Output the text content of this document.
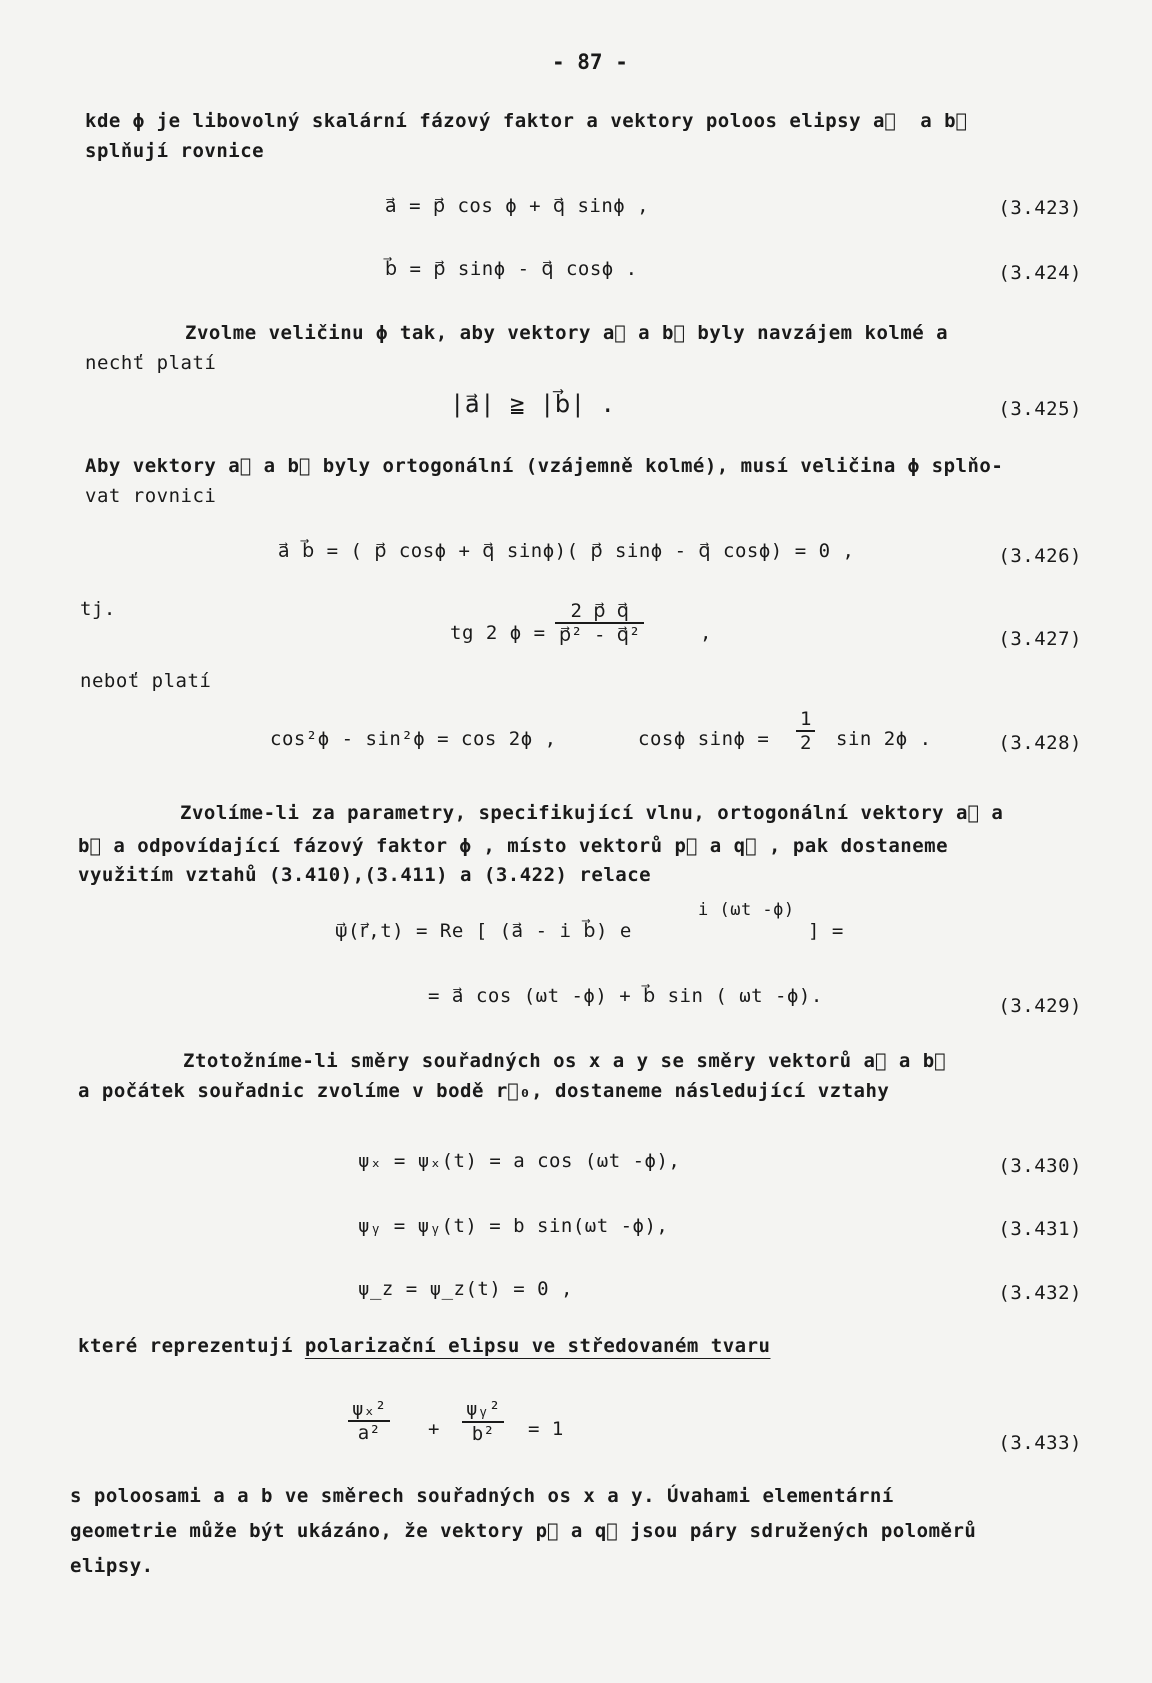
- 87 -
kde ϕ je libovolný skalární fázový faktor a vektory poloos elipsy a⃗  a b⃗
splňují rovnice
a⃗ = p⃗ cos ϕ + q⃗ sinϕ ,	(3.423)
b⃗ = p⃗ sinϕ - q⃗ cosϕ .	(3.424)
Zvolme veličinu ϕ tak, aby vektory a⃗ a b⃗ byly navzájem kolmé a
nechť platí
|a⃗| ≧ |b⃗| .	(3.425)
Aby vektory a⃗ a b⃗ byly ortogonální (vzájemně kolmé), musí veličina ϕ splňo-
vat rovnici
a⃗ b⃗ = ( p⃗ cosϕ + q⃗ sinϕ)( p⃗ sinϕ - q⃗ cosϕ) = 0 ,	(3.426)
tj.
tg 2 $\phi = \frac{2 p⃗ q⃗}{\text{p⃗² - q⃗²}}$	,	(3.427)
neboť platí
cos²ϕ - sin²ϕ = cos 2ϕ ,	cosϕ $\sin\phi = \frac{1}{2}$ sin 2ϕ .	(3.428)
Zvolíme-li za parametry, specifikující vlnu, ortogonální vektory a⃗ a
b⃗ a odpovídající fázový faktor ϕ , místo vektorů p⃗ a q⃗ , pak dostaneme
využitím vztahů (3.410),(3.411) a (3.422) relace
ψ⃗(r⃗,t) = Re [ (a⃗ - i b⃗) e
i (ωt -ϕ)
] =
= a⃗ cos (ωt -ϕ) + b⃗ sin ( ωt -ϕ).	(3.429)
Ztotožníme-li směry souřadných os x a y se směry vektorů a⃗ a b⃗
a počátek souřadnic zvolíme v bodě r⃗₀, dostaneme následující vztahy
ψₓ = ψₓ(t) = a cos (ωt -ϕ),	(3.430)
ψᵧ = ψᵧ(t) = b sin(ωt -ϕ),	(3.431)
ψ_z = ψ_z(t) = 0 ,	(3.432)
které reprezentují polarizační elipsu ve středovaném tvaru
$\frac{\text{ψₓ²}}{\text{a²}} + \frac{\text{ψᵧ²}}{\text{b²}} = 1$
(3.433)
s poloosami a a b ve směrech souřadných os x a y. Úvahami elementární
geometrie může být ukázáno, že vektory p⃗ a q⃗ jsou páry sdružených poloměrů
elipsy.
